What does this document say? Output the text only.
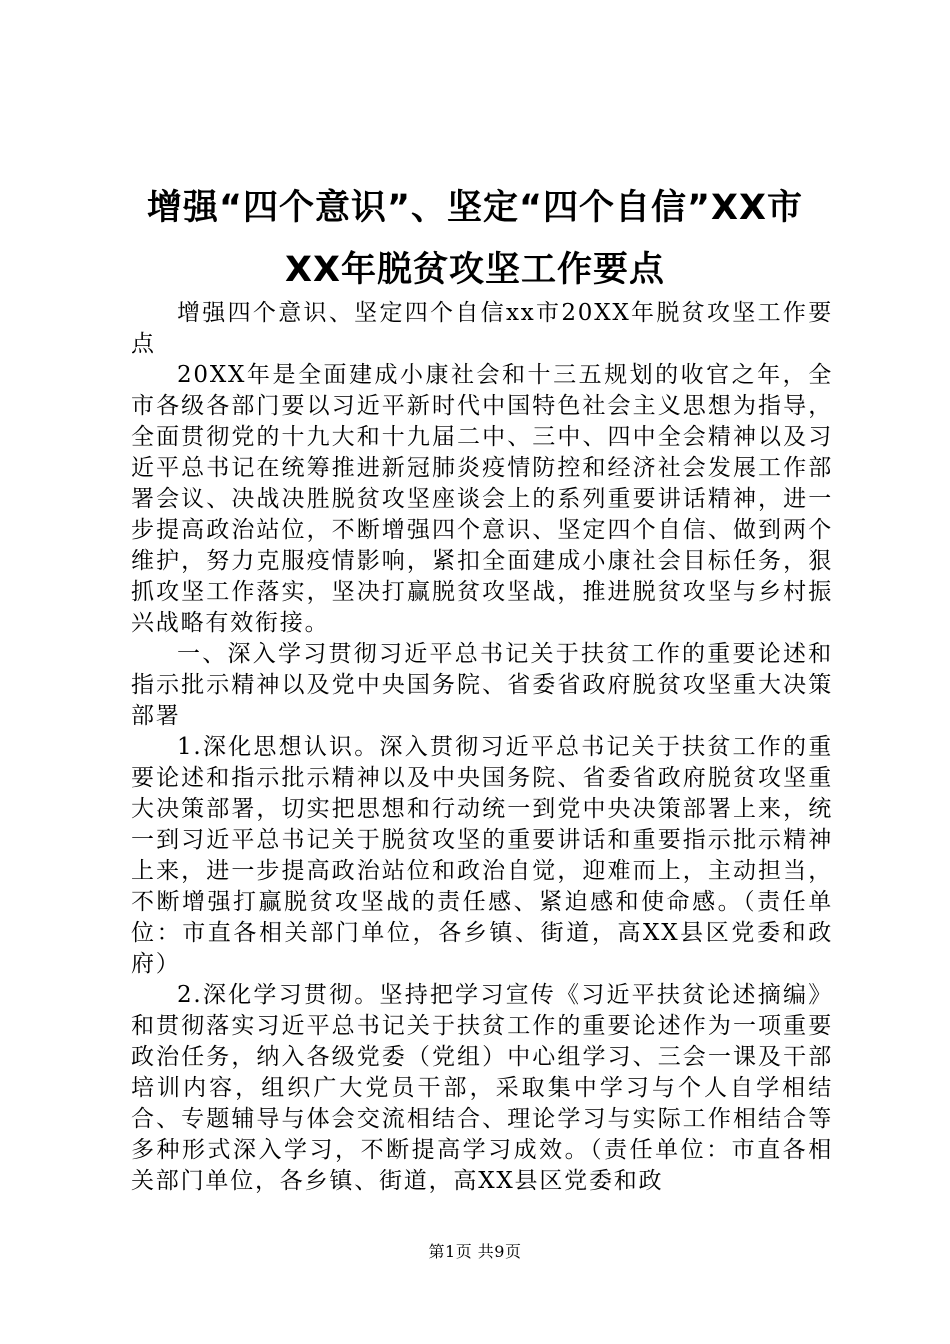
增强“四个意识”、坚定“四个自信”XX市
XX年脱贫攻坚工作要点

增强四个意识、坚定四个自信xx市20XX年脱贫攻坚工作要点

20XX年是全面建成小康社会和十三五规划的收官之年，全市各级各部门要以习近平新时代中国特色社会主义思想为指导，全面贯彻党的十九大和十九届二中、三中、四中全会精神以及习近平总书记在统筹推进新冠肺炎疫情防控和经济社会发展工作部署会议、决战决胜脱贫攻坚座谈会上的系列重要讲话精神，进一步提高政治站位，不断增强四个意识、坚定四个自信、做到两个维护，努力克服疫情影响，紧扣全面建成小康社会目标任务，狠抓攻坚工作落实，坚决打赢脱贫攻坚战，推进脱贫攻坚与乡村振兴战略有效衔接。

一、深入学习贯彻习近平总书记关于扶贫工作的重要论述和指示批示精神以及党中央国务院、省委省政府脱贫攻坚重大决策部署

1.深化思想认识。深入贯彻习近平总书记关于扶贫工作的重要论述和指示批示精神以及中央国务院、省委省政府脱贫攻坚重大决策部署，切实把思想和行动统一到党中央决策部署上来，统一到习近平总书记关于脱贫攻坚的重要讲话和重要指示批示精神上来，进一步提高政治站位和政治自觉，迎难而上，主动担当，不断增强打赢脱贫攻坚战的责任感、紧迫感和使命感。（责任单位：市直各相关部门单位，各乡镇、街道，高XX县区党委和政府）

2.深化学习贯彻。坚持把学习宣传《习近平扶贫论述摘编》和贯彻落实习近平总书记关于扶贫工作的重要论述作为一项重要政治任务，纳入各级党委（党组）中心组学习、三会一课及干部培训内容，组织广大党员干部，采取集中学习与个人自学相结合、专题辅导与体会交流相结合、理论学习与实际工作相结合等多种形式深入学习，不断提高学习成效。（责任单位：市直各相关部门单位，各乡镇、街道，高XX县区党委和政

第1页 共9页
